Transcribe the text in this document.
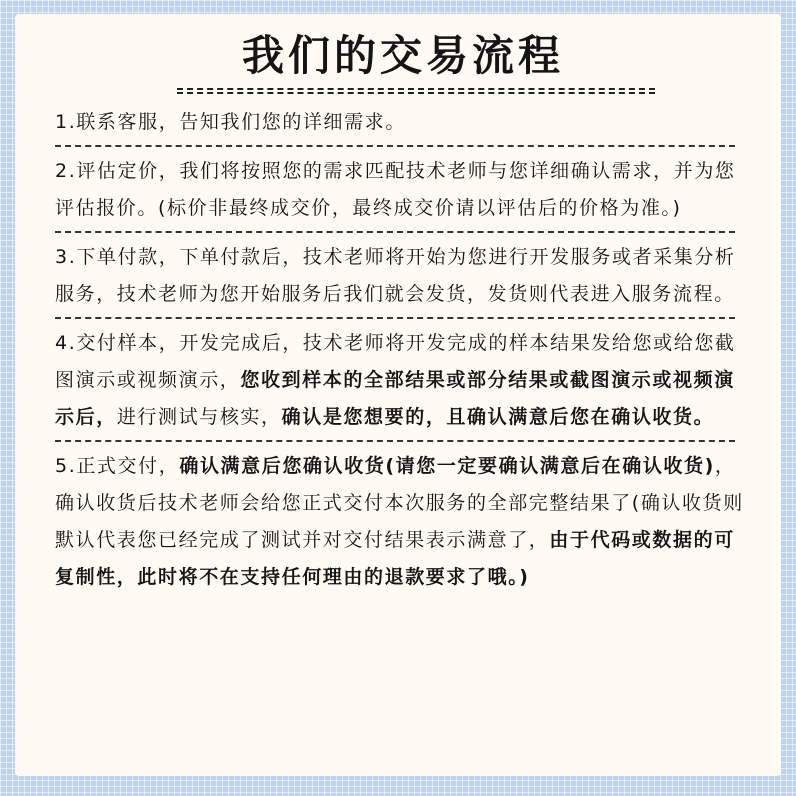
我们的交易流程

1.联系客服，告知我们您的详细需求。

2.评估定价，我们将按照您的需求匹配技术老师与您详细确认需求，并为您评估报价。(标价非最终成交价，最终成交价请以评估后的价格为准。)

3.下单付款，下单付款后，技术老师将开始为您进行开发服务或者采集分析服务，技术老师为您开始服务后我们就会发货，发货则代表进入服务流程。

4.交付样本，开发完成后，技术老师将开发完成的样本结果发给您或给您截图演示或视频演示，您收到样本的全部结果或部分结果或截图演示或视频演示后，进行测试与核实，确认是您想要的，且确认满意后您在确认收货。

5.正式交付，确认满意后您确认收货(请您一定要确认满意后在确认收货)，确认收货后技术老师会给您正式交付本次服务的全部完整结果了(确认收货则默认代表您已经完成了测试并对交付结果表示满意了，由于代码或数据的可复制性，此时将不在支持任何理由的退款要求了哦。)
